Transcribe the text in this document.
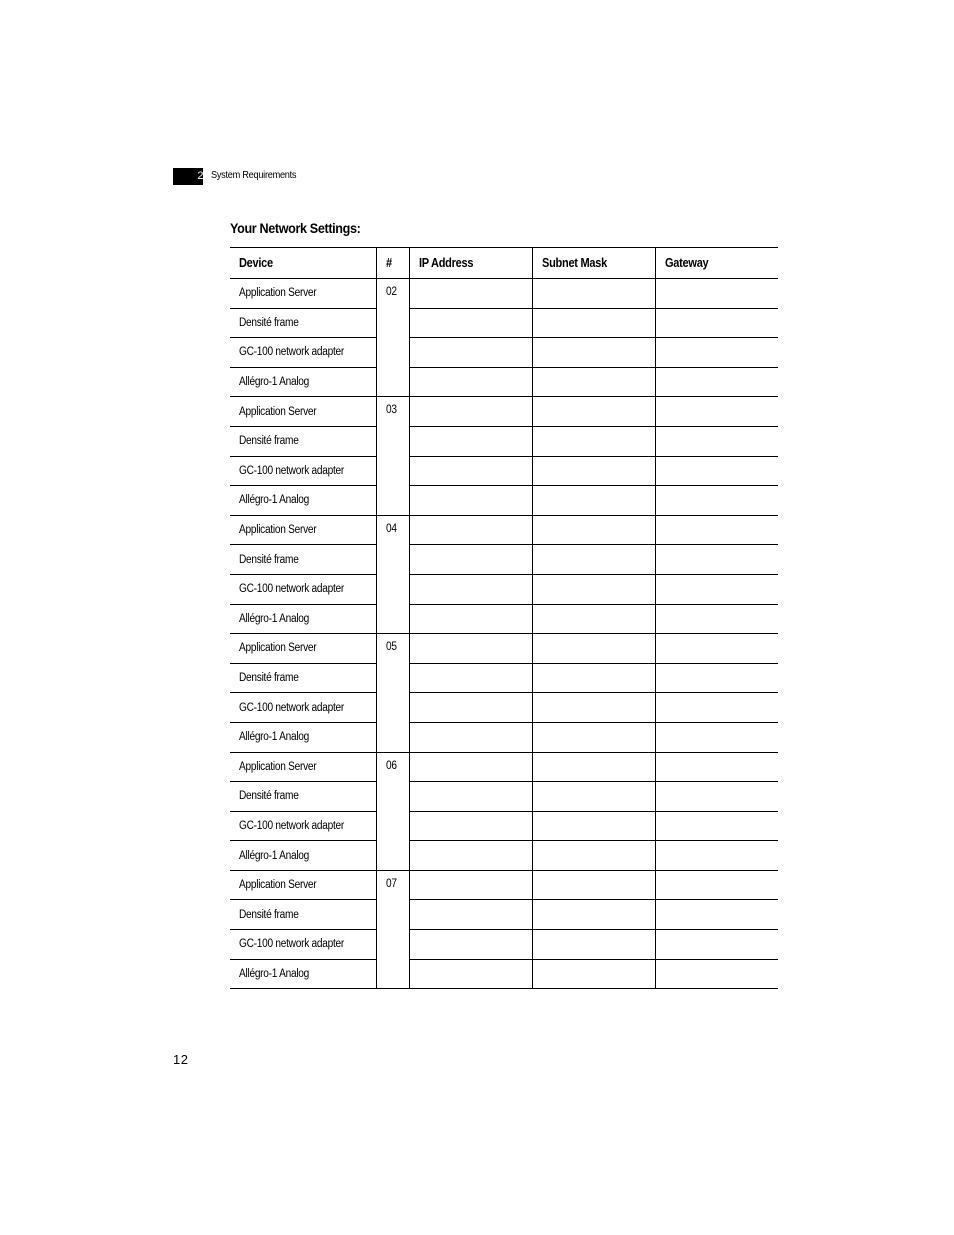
2 System Requirements
Your Network Settings:
Device	#	IP Address	Subnet Mask	Gateway
Application Server	02			
Densité frame				
GC-100 network adapter				
Allégro-1 Analog				
Application Server	03			
Densité frame				
GC-100 network adapter				
Allégro-1 Analog				
Application Server	04			
Densité frame				
GC-100 network adapter				
Allégro-1 Analog				
Application Server	05			
Densité frame				
GC-100 network adapter				
Allégro-1 Analog				
Application Server	06			
Densité frame				
GC-100 network adapter				
Allégro-1 Analog				
Application Server	07			
Densité frame				
GC-100 network adapter				
Allégro-1 Analog				
12
